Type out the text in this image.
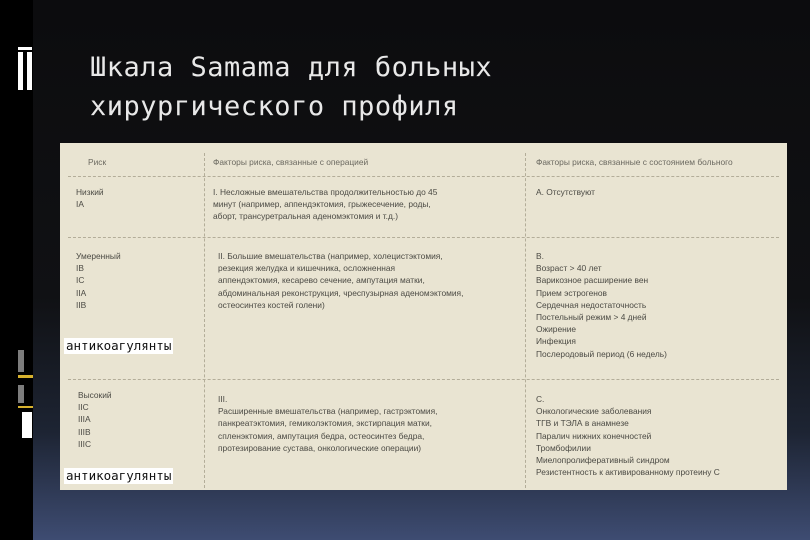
Шкала Samama для больных
хирургического профиля
Риск	Факторы риска, связанные с операцией	Факторы риска, связанные с состоянием больного
Низкий
IA
I. Несложные вмешательства продолжительностью до 45
минут (например, аппендэктомия, грыжесечение, роды,
аборт, трансуретральная аденомэктомия и т.д.)
A. Отсутствуют
Умеренный
IB
IC
IIA
IIB
II. Большие вмешательства (например, холецистэктомия,
резекция желудка и кишечника, осложненная
аппендэктомия, кесарево сечение, ампутация матки,
абдоминальная реконструкция, чреспузырная аденомэктомия,
остеосинтез костей голени)
B.
Возраст > 40 лет
Варикозное расширение вен
Прием эстрогенов
Сердечная недостаточность
Постельный режим > 4 дней
Ожирение
Инфекция
Послеродовый период (6 недель)
Высокий
IIC
IIIA
IIIB
IIIC
III.
Расширенные вмешательства (например, гастрэктомия,
панкреатэктомия, гемиколэктомия, экстирпация матки,
спленэктомия, ампутация бедра, остеосинтез бедра,
протезирование сустава, онкологические операции)
C.
Онкологические заболевания
ТГВ и ТЭЛА в анамнезе
Паралич нижних конечностей
Тромбофилии
Миелопролиферативный синдром
Резистентность к активированному протеину C
антикоагулянты
антикоагулянты
